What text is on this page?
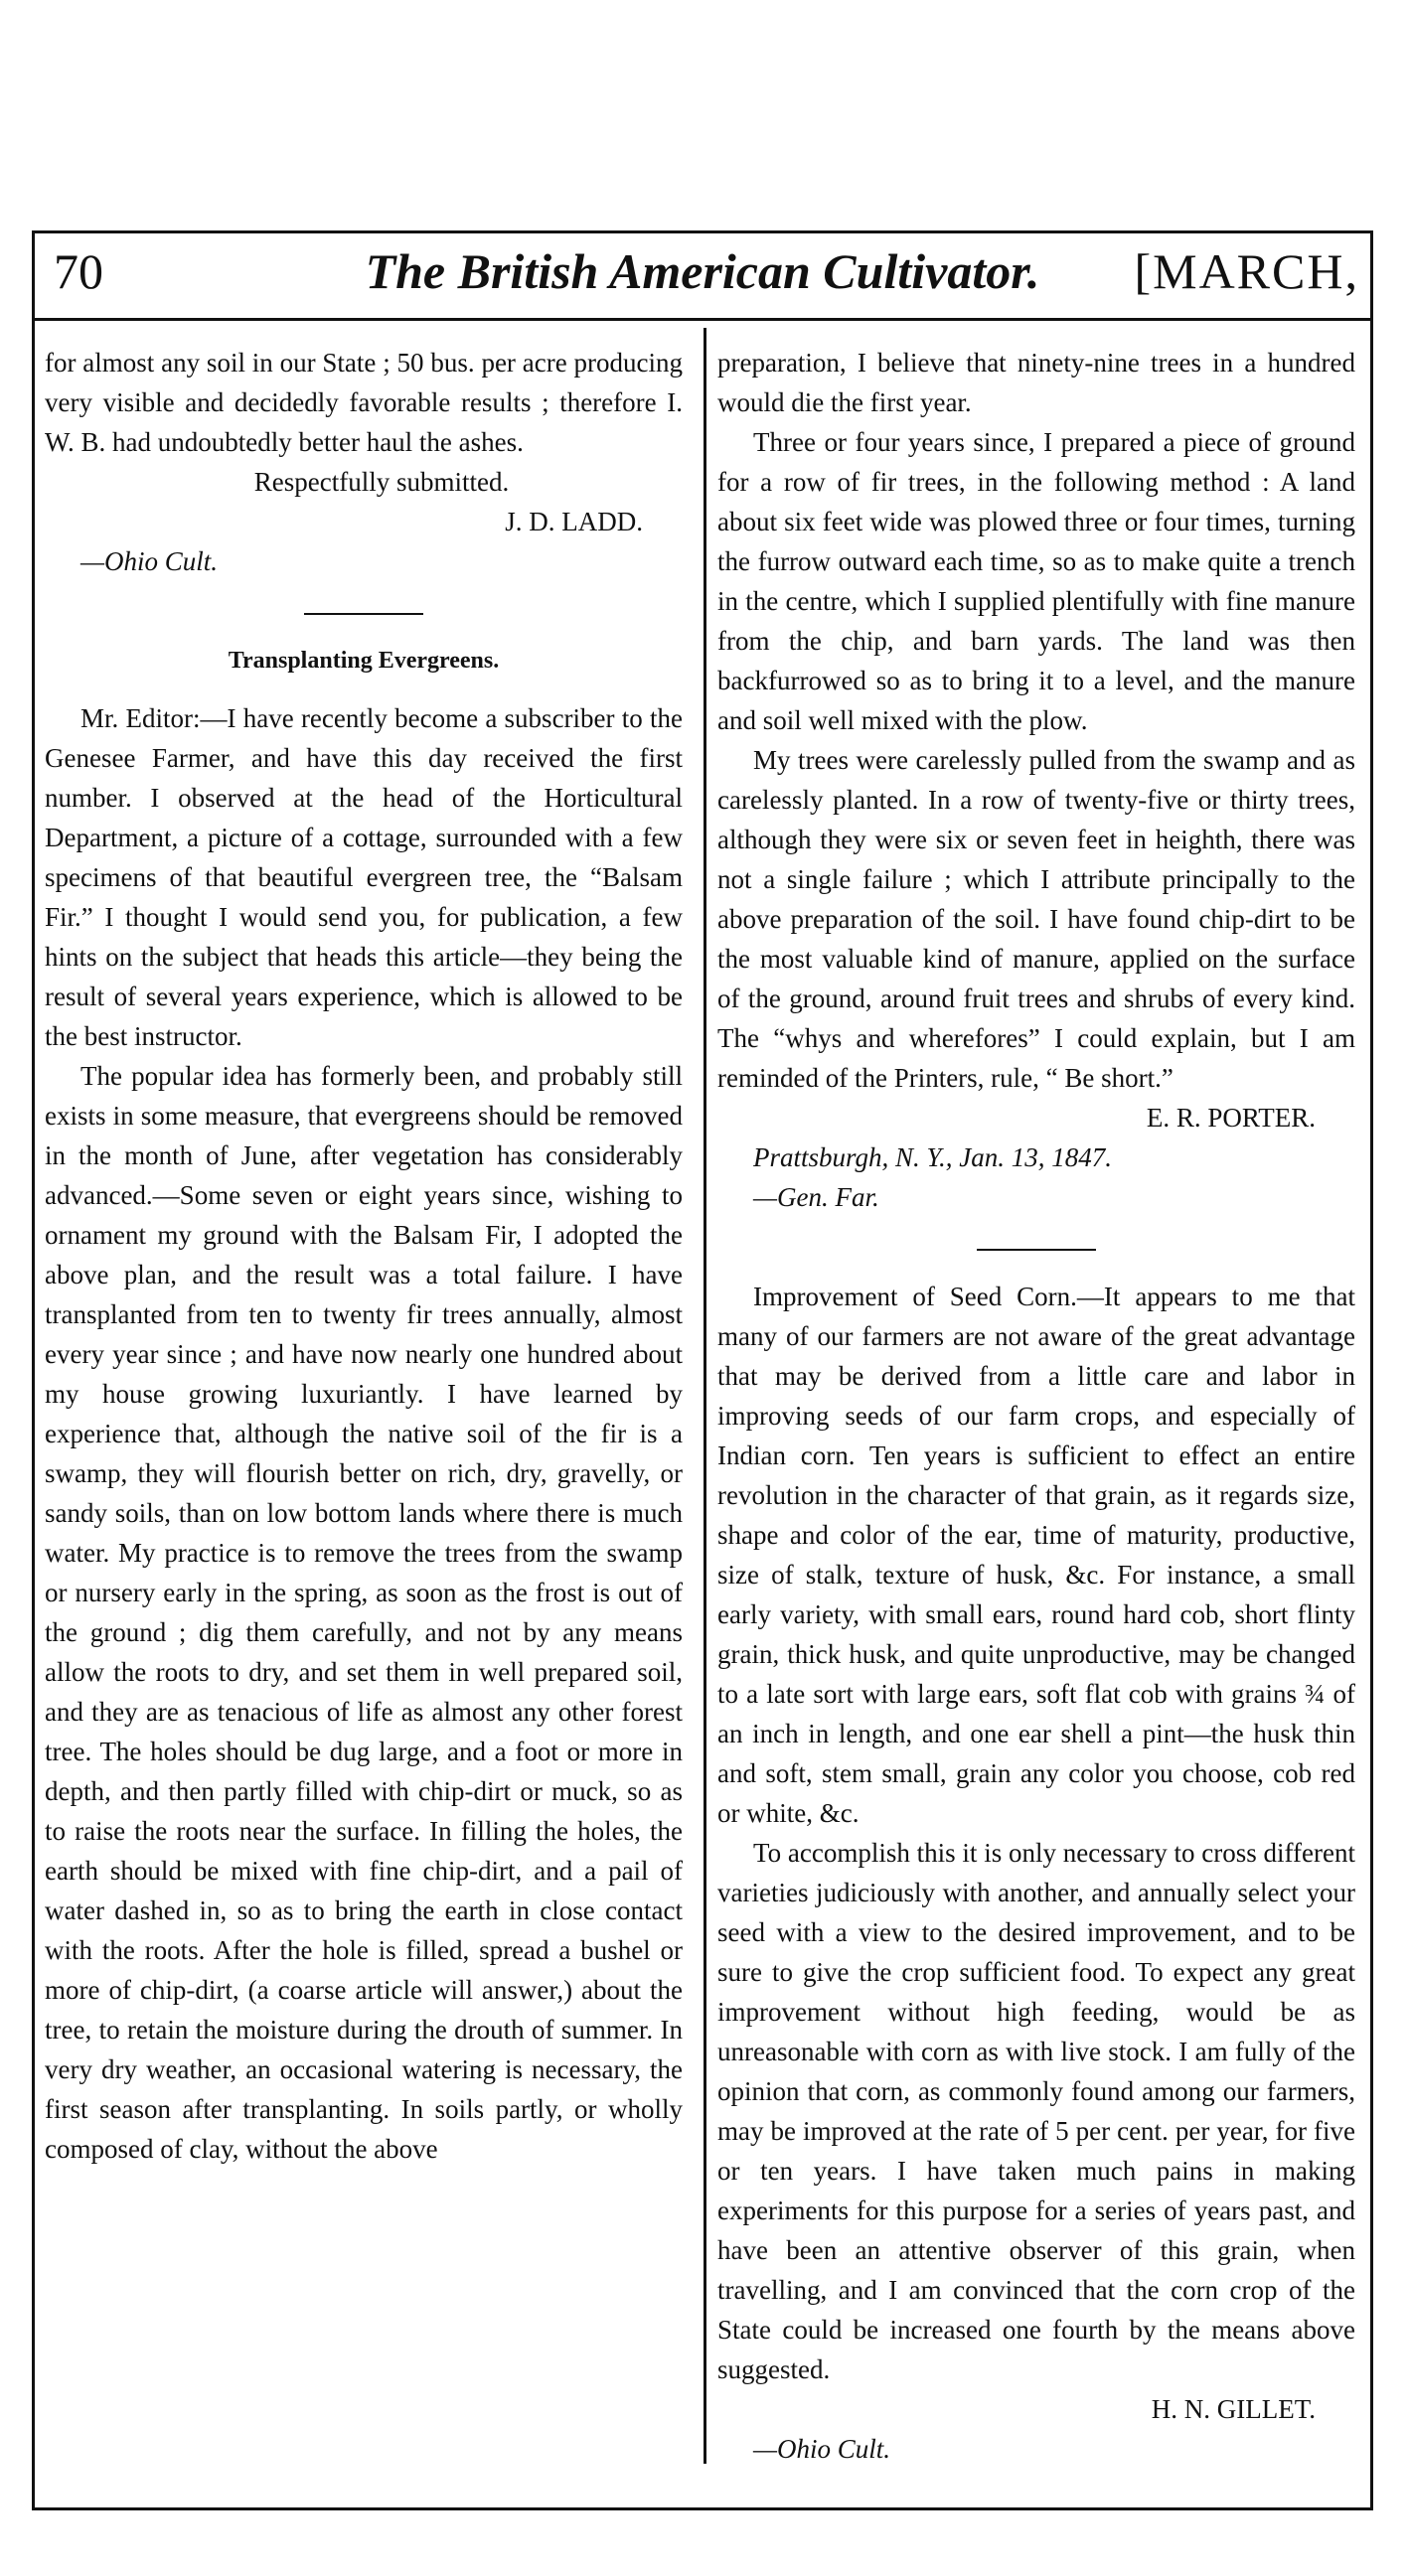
70	The British American Cultivator.	[MARCH,

for almost any soil in our State ; 50 bus. per acre producing very visible and decidedly favorable results ; therefore I. W. B. had undoubtedly better haul the ashes.

Respectfully submitted.

J. D. LADD.

—Ohio Cult.

Transplanting Evergreens.

Mr. Editor:—I have recently become a subscriber to the Genesee Farmer, and have this day received the first number. I observed at the head of the Horticultural Department, a picture of a cottage, surrounded with a few specimens of that beautiful evergreen tree, the “Balsam Fir.” I thought I would send you, for publication, a few hints on the subject that heads this article—they being the result of several years experience, which is allowed to be the best instructor.

The popular idea has formerly been, and probably still exists in some measure, that evergreens should be removed in the month of June, after vegetation has considerably advanced.—Some seven or eight years since, wishing to ornament my ground with the Balsam Fir, I adopted the above plan, and the result was a total failure. I have transplanted from ten to twenty fir trees annually, almost every year since ; and have now nearly one hundred about my house growing luxuriantly. I have learned by experience that, although the native soil of the fir is a swamp, they will flourish better on rich, dry, gravelly, or sandy soils, than on low bottom lands where there is much water. My practice is to remove the trees from the swamp or nursery early in the spring, as soon as the frost is out of the ground ; dig them carefully, and not by any means allow the roots to dry, and set them in well prepared soil, and they are as tenacious of life as almost any other forest tree. The holes should be dug large, and a foot or more in depth, and then partly filled with chip-dirt or muck, so as to raise the roots near the surface. In filling the holes, the earth should be mixed with fine chip-dirt, and a pail of water dashed in, so as to bring the earth in close contact with the roots. After the hole is filled, spread a bushel or more of chip-dirt, (a coarse article will answer,) about the tree, to retain the moisture during the drouth of summer. In very dry weather, an occasional watering is necessary, the first season after transplanting. In soils partly, or wholly composed of clay, without the above

preparation, I believe that ninety-nine trees in a hundred would die the first year.

Three or four years since, I prepared a piece of ground for a row of fir trees, in the following method : A land about six feet wide was plowed three or four times, turning the furrow outward each time, so as to make quite a trench in the centre, which I supplied plentifully with fine manure from the chip, and barn yards. The land was then backfurrowed so as to bring it to a level, and the manure and soil well mixed with the plow.

My trees were carelessly pulled from the swamp and as carelessly planted. In a row of twenty-five or thirty trees, although they were six or seven feet in heighth, there was not a single failure ; which I attribute principally to the above preparation of the soil. I have found chip-dirt to be the most valuable kind of manure, applied on the surface of the ground, around fruit trees and shrubs of every kind. The “whys and wherefores” I could explain, but I am reminded of the Printers, rule, “ Be short.”

E. R. PORTER.

Prattsburgh, N. Y., Jan. 13, 1847.

—Gen. Far.

Improvement of Seed Corn.—It appears to me that many of our farmers are not aware of the great advantage that may be derived from a little care and labor in improving seeds of our farm crops, and especially of Indian corn. Ten years is sufficient to effect an entire revolution in the character of that grain, as it regards size, shape and color of the ear, time of maturity, productive, size of stalk, texture of husk, &c. For instance, a small early variety, with small ears, round hard cob, short flinty grain, thick husk, and quite unproductive, may be changed to a late sort with large ears, soft flat cob with grains ¾ of an inch in length, and one ear shell a pint—the husk thin and soft, stem small, grain any color you choose, cob red or white, &c.

To accomplish this it is only necessary to cross different varieties judiciously with another, and annually select your seed with a view to the desired improvement, and to be sure to give the crop sufficient food. To expect any great improvement without high feeding, would be as unreasonable with corn as with live stock. I am fully of the opinion that corn, as commonly found among our farmers, may be improved at the rate of 5 per cent. per year, for five or ten years. I have taken much pains in making experiments for this purpose for a series of years past, and have been an attentive observer of this grain, when travelling, and I am convinced that the corn crop of the State could be increased one fourth by the means above suggested.

H. N. GILLET.

—Ohio Cult.
